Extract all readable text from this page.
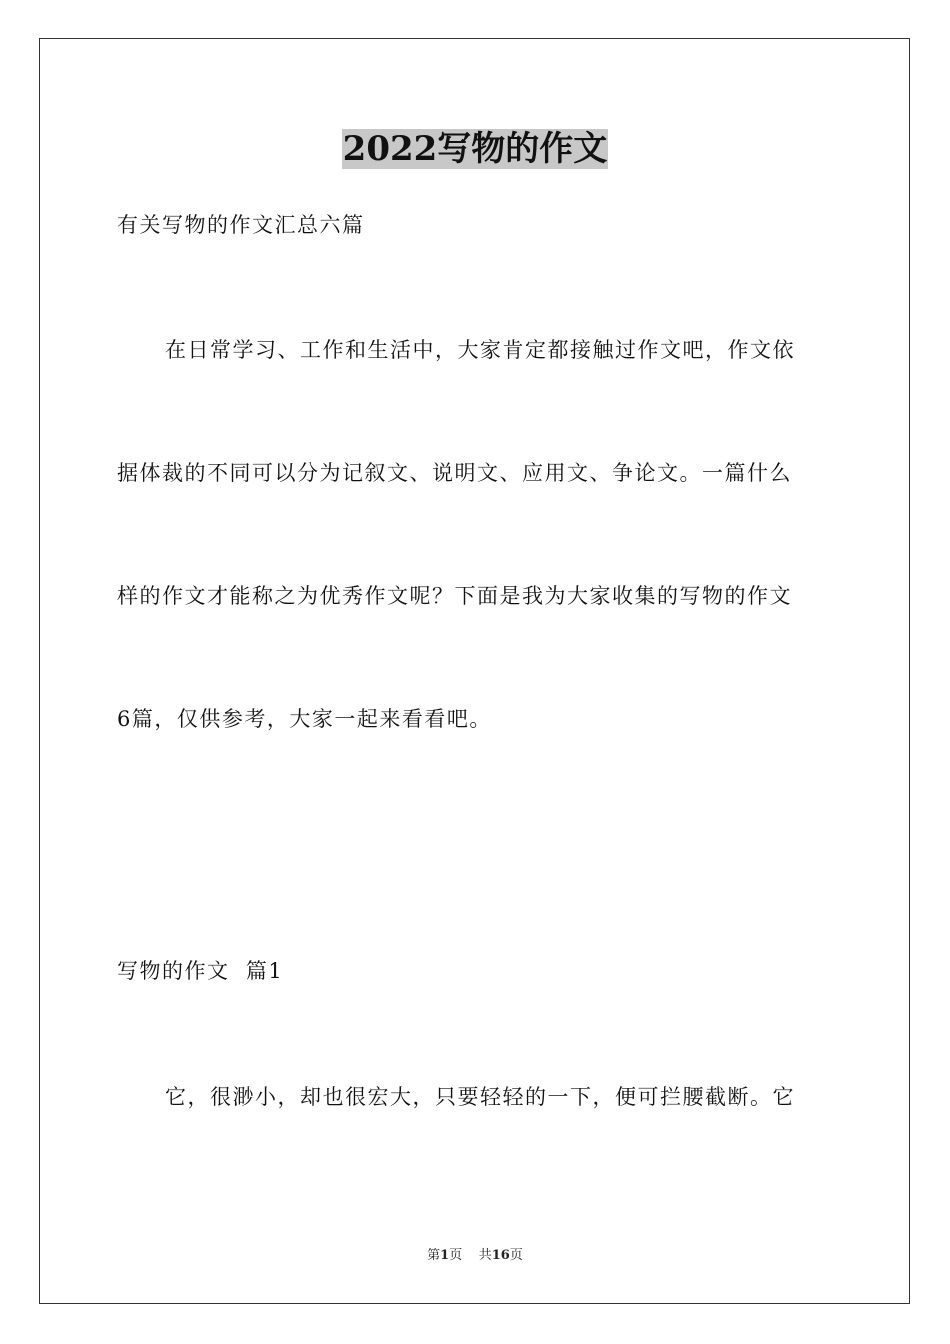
2022写物的作文
有关写物的作文汇总六篇
在日常学习、工作和生活中，大家肯定都接触过作文吧，作文依
据体裁的不同可以分为记叙文、说明文、应用文、争论文。一篇什么
样的作文才能称之为优秀作文呢？下面是我为大家收集的写物的作文
6篇，仅供参考，大家一起来看看吧。
写物的作文  篇1
它，很渺小，却也很宏大，只要轻轻的一下，便可拦腰截断。它
第1页 共16页
